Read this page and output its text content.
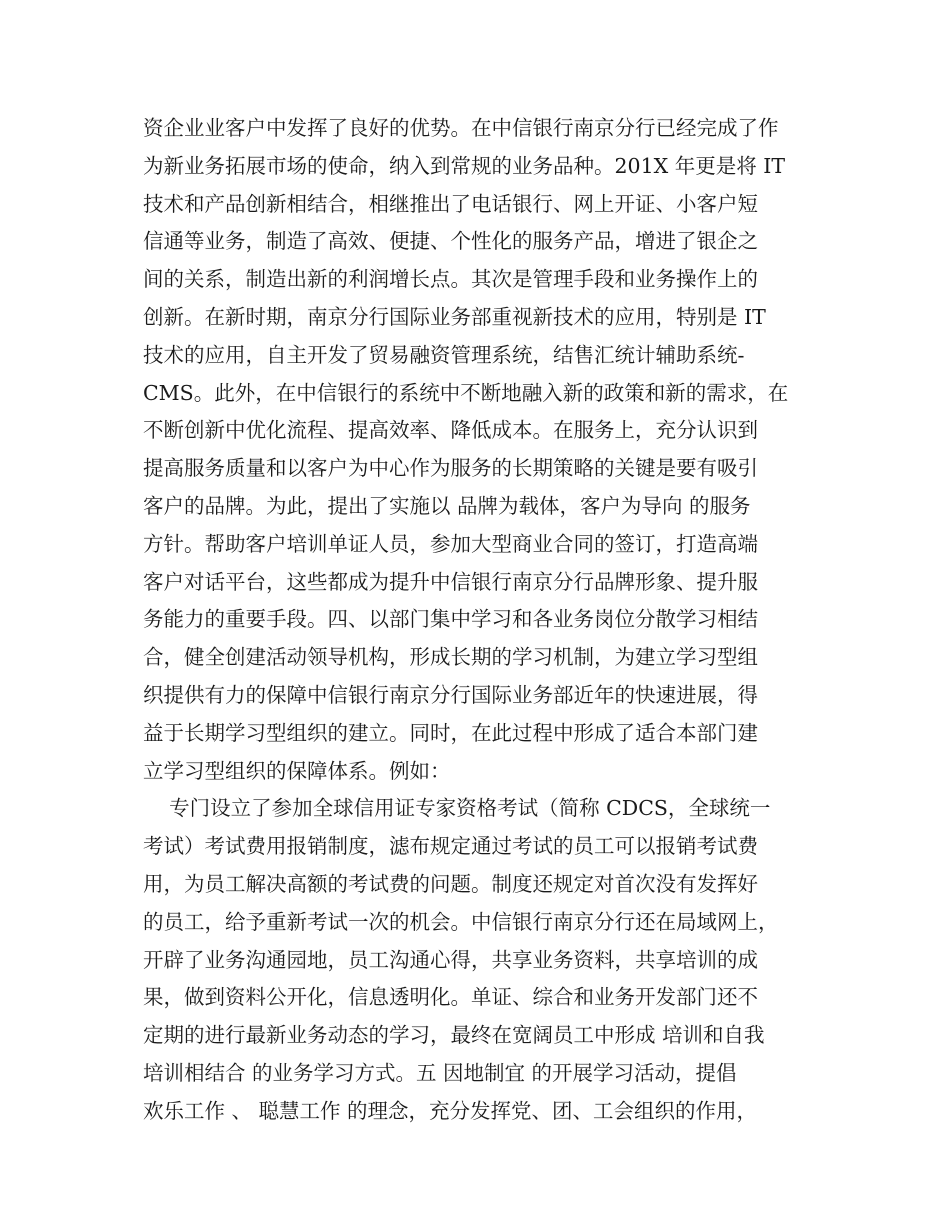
资企业业客户中发挥了良好的优势。在中信银行南京分行已经完成了作
为新业务拓展市场的使命，纳入到常规的业务品种。201X 年更是将 IT
技术和产品创新相结合，相继推出了电话银行、网上开证、小客户短
信通等业务，制造了高效、便捷、个性化的服务产品，增进了银企之
间的关系，制造出新的利润增长点。其次是管理手段和业务操作上的
创新。在新时期，南京分行国际业务部重视新技术的应用，特别是 IT
技术的应用，自主开发了贸易融资管理系统，结售汇统计辅助系统-
CMS。此外，在中信银行的系统中不断地融入新的政策和新的需求，在
不断创新中优化流程、提高效率、降低成本。在服务上，充分认识到
提高服务质量和以客户为中心作为服务的长期策略的关键是要有吸引
客户的品牌。为此，提出了实施以 品牌为载体，客户为导向 的服务
方针。帮助客户培训单证人员，参加大型商业合同的签订，打造高端
客户对话平台，这些都成为提升中信银行南京分行品牌形象、提升服
务能力的重要手段。四、以部门集中学习和各业务岗位分散学习相结
合，健全创建活动领导机构，形成长期的学习机制，为建立学习型组
织提供有力的保障中信银行南京分行国际业务部近年的快速进展，得
益于长期学习型组织的建立。同时，在此过程中形成了适合本部门建
立学习型组织的保障体系。例如：
专门设立了参加全球信用证专家资格考试（简称 CDCS，全球统一
考试）考试费用报销制度，滤布规定通过考试的员工可以报销考试费
用，为员工解决高额的考试费的问题。制度还规定对首次没有发挥好
的员工，给予重新考试一次的机会。中信银行南京分行还在局域网上，
开辟了业务沟通园地，员工沟通心得，共享业务资料，共享培训的成
果，做到资料公开化，信息透明化。单证、综合和业务开发部门还不
定期的进行最新业务动态的学习，最终在宽阔员工中形成 培训和自我
培训相结合 的业务学习方式。五 因地制宜 的开展学习活动，提倡
欢乐工作 、 聪慧工作 的理念，充分发挥党、团、工会组织的作用，
